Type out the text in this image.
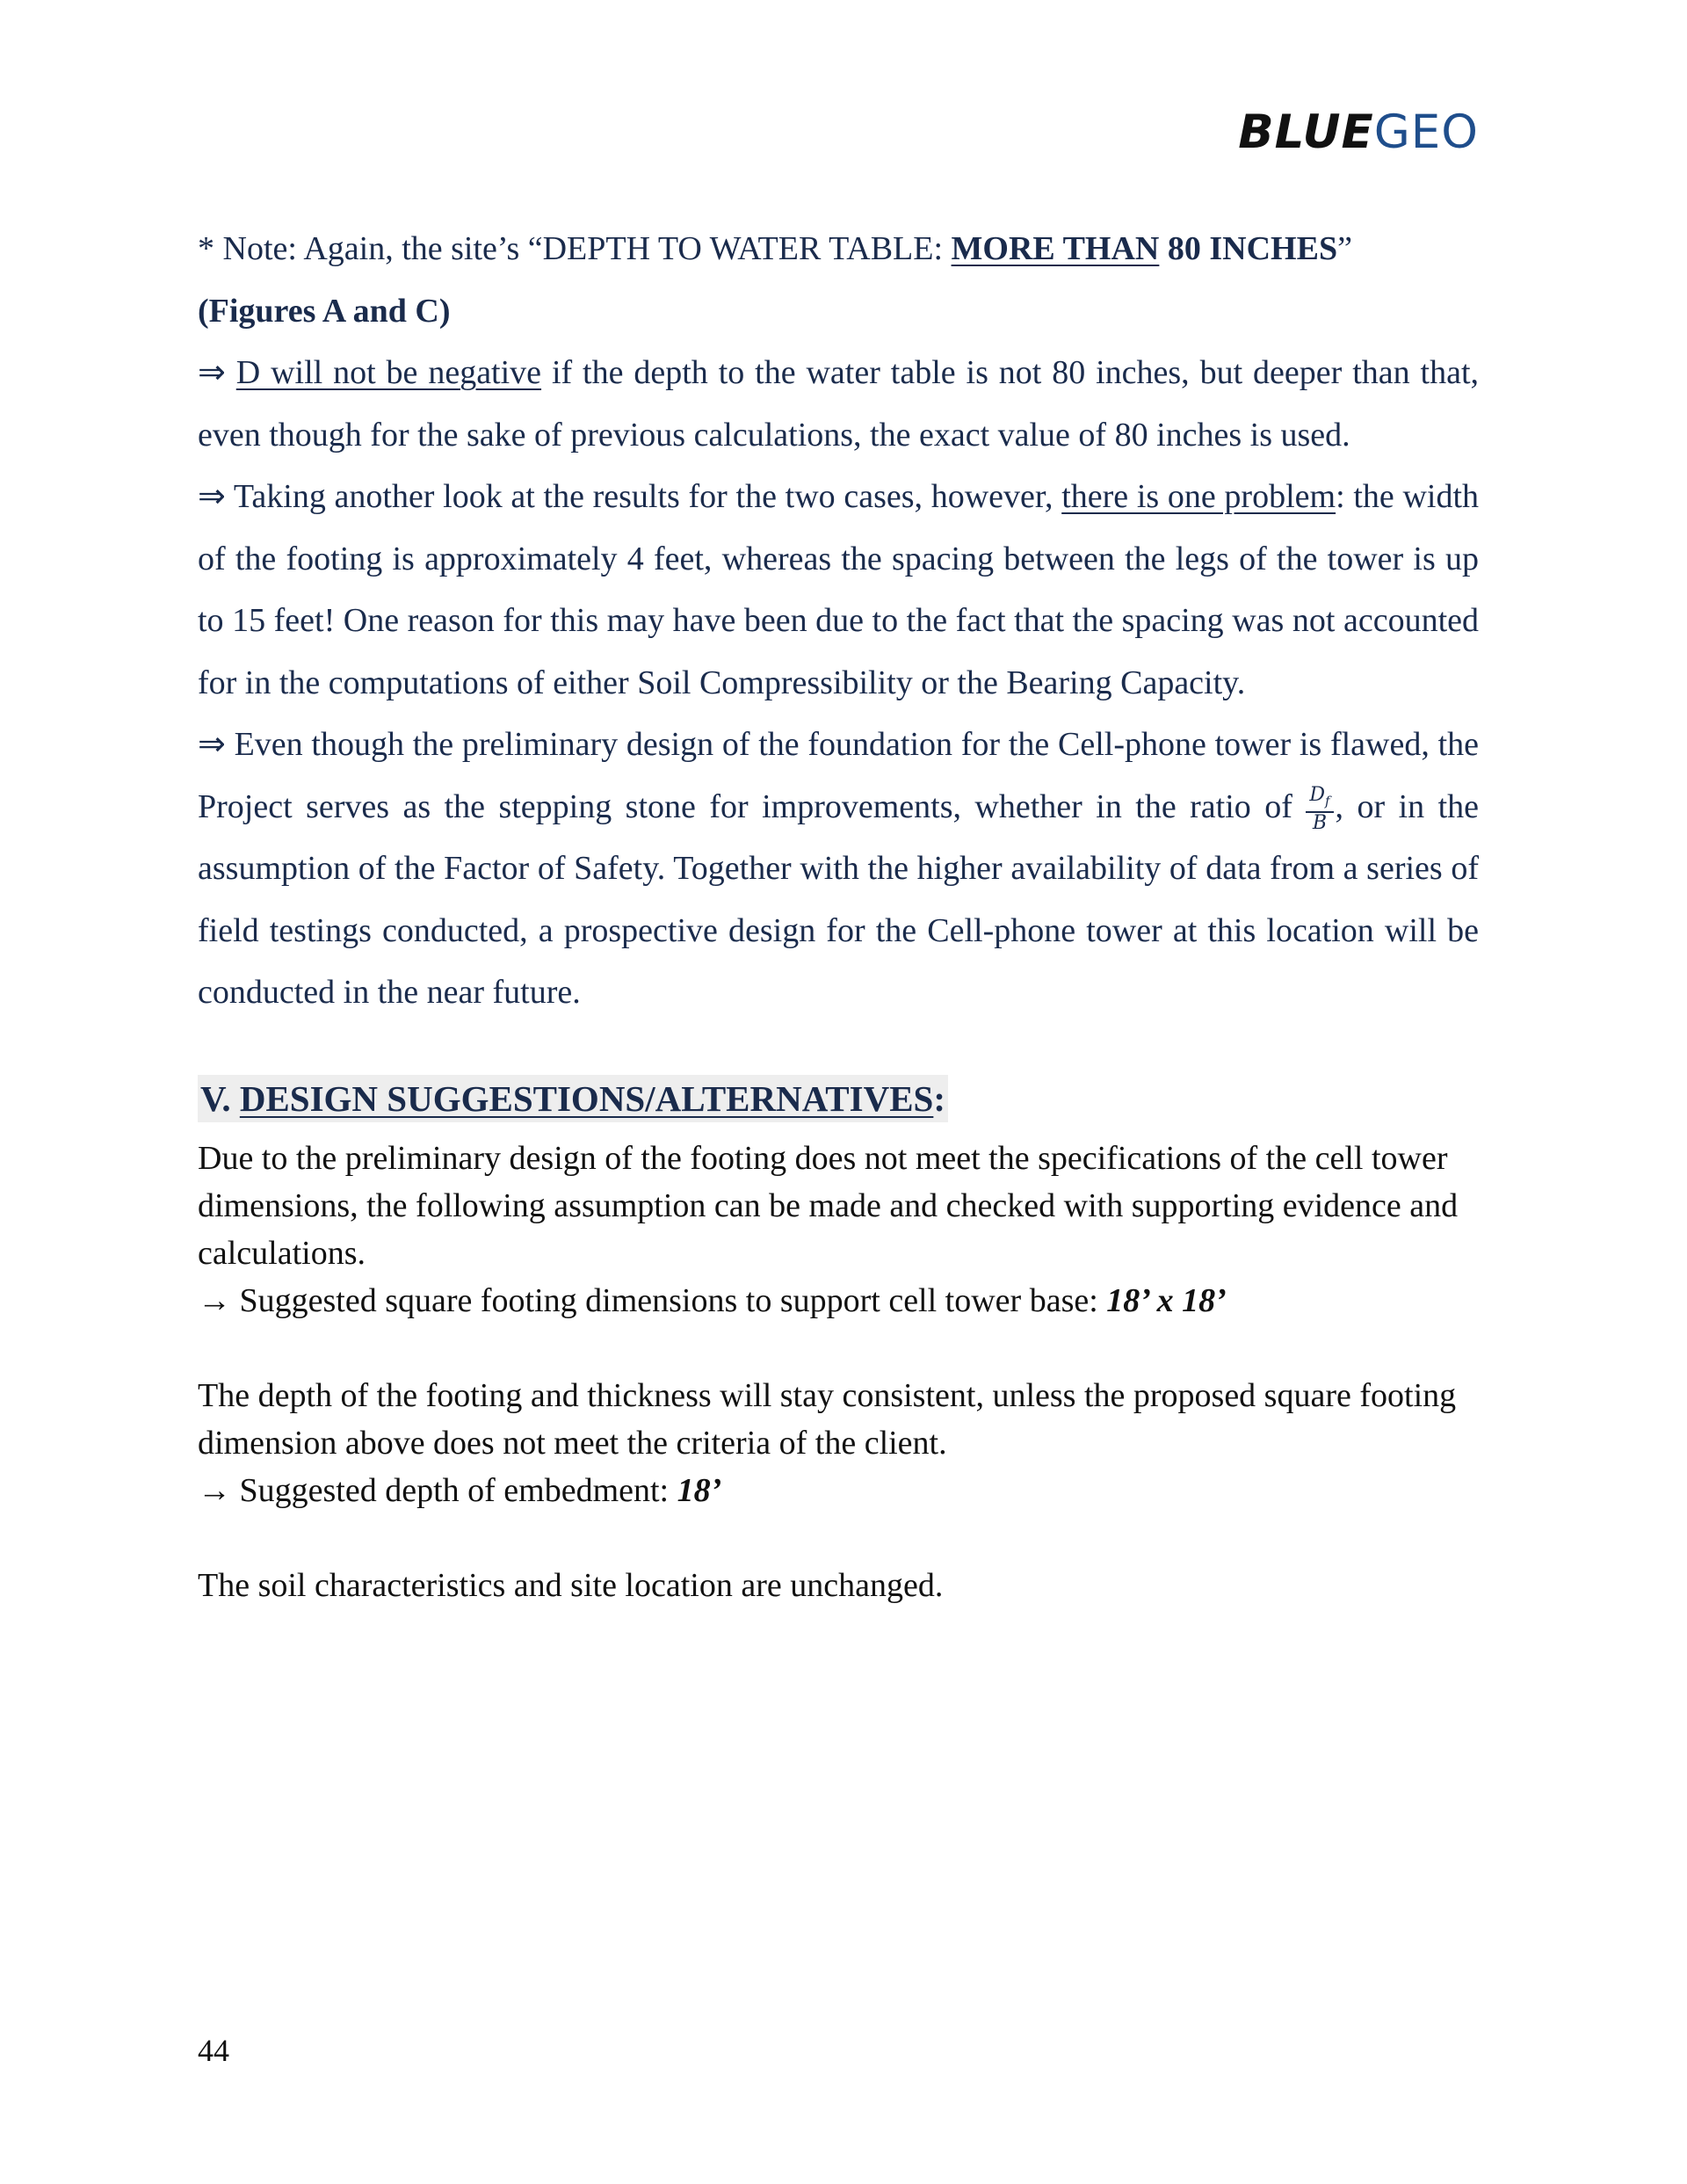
BLUEGEO

* Note: Again, the site’s “DEPTH TO WATER TABLE: MORE THAN 80 INCHES”

(Figures A and C)

⇒ D will not be negative if the depth to the water table is not 80 inches, but deeper than that, even though for the sake of previous calculations, the exact value of 80 inches is used.

⇒ Taking another look at the results for the two cases, however, there is one problem: the width of the footing is approximately 4 feet, whereas the spacing between the legs of the tower is up to 15 feet! One reason for this may have been due to the fact that the spacing was not accounted for in the computations of either Soil Compressibility or the Bearing Capacity.

⇒ Even though the preliminary design of the foundation for the Cell-phone tower is flawed, the Project serves as the stepping stone for improvements, whether in the ratio of $\frac{D_f}{B}$ , or in the assumption of the Factor of Safety. Together with the higher availability of data from a series of field testings conducted, a prospective design for the Cell-phone tower at this location will be conducted in the near future.

V. DESIGN SUGGESTIONS/ALTERNATIVES:

Due to the preliminary design of the footing does not meet the specifications of the cell tower dimensions, the following assumption can be made and checked with supporting evidence and calculations.

→ Suggested square footing dimensions to support cell tower base: 18’ x 18’

The depth of the footing and thickness will stay consistent, unless the proposed square footing dimension above does not meet the criteria of the client.

→ Suggested depth of embedment: 18’

The soil characteristics and site location are unchanged.

44
